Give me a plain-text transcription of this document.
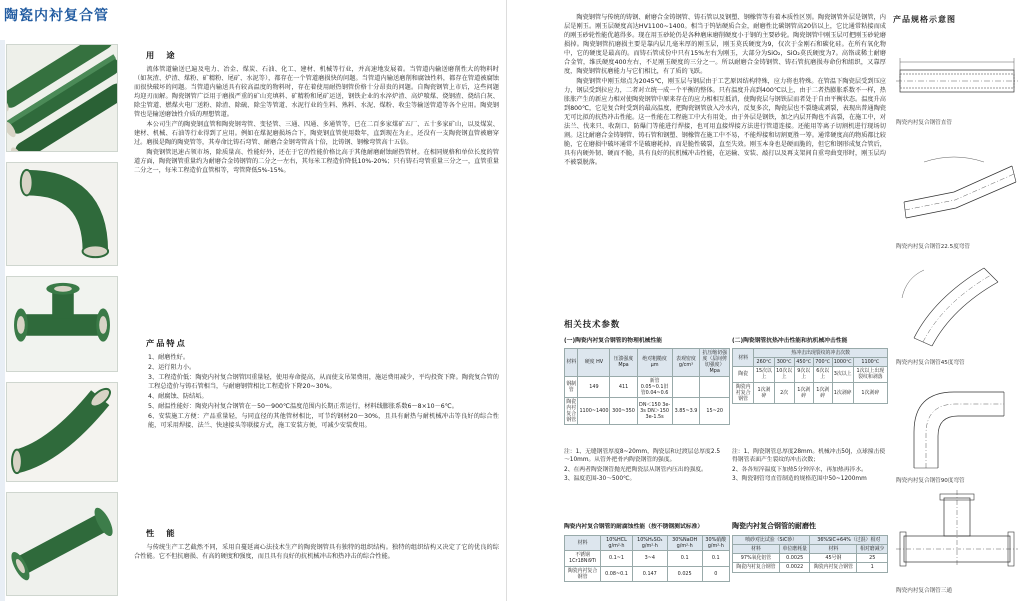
陶瓷内衬复合管
用　途

流体管道输送已遍及电力、冶金、煤炭、石油、化工、建材、机械等行业，并高速地发展着。当管道内输送磨削性大的物料时（如灰渣、炉渣、煤粉、矿精粉、尾矿、水泥等），都存在一个管道磨损快的问题。当管道内输送磨削和腐蚀性料，都存在管道被腐蚀而很快破坏的问题。当管道内输送具有较高温度的物料时，存在着使用耐热钢管价格十分昂贵的问题。自陶瓷钢管上市后，这些问题均迎刃而解。陶瓷钢管广泛用于磨损严重的矿山充填料、矿精粉和尾矿运送，钢铁企业的水淬炉渣、高炉喷煤、烧钢渣、烧结白灰、除尘管道、燃煤火电厂送粉、除渣、除硫、除尘等管道、水泥行业的生料、熟料、水泥、煤粉、收尘等输送管道等各个应用。陶瓷钢管也是输送磨蚀性介质的理想管道。

本公司生产的陶瓷钢直管和陶瓷钢弯管、变径管、三通、四通、多通管等，已在二百多家煤矿五厂、五十多家矿山，以及煤炭、建材、机械、石油等行业得到了应用。例如在煤泥磨损场合下，陶瓷钢直管使用数年，直到现在为止，还没有一支陶瓷钢直管被磨穿过。磨损是陶的陶瓷管等，其寿命比铸石弯管、耐磨合金钢弯管高十倍，比铸钢、钢橡弯管高十五倍。

陶瓷钢管迅速占领市场，除质量高、性能好外，还在于它的性能价格比高于其他耐磨耐蚀耐热管材。在相同规格和单位长度的管道方面，陶瓷钢管重量约为耐磨合金铸钢管的二分之一左右，其每米工程造价降低10%-20%；只有铸石弯管重量三分之一，直管重量二分之一，每米工程造价直管相等，弯管降低5%-15%。

产品特点

1、耐磨性好。

2、运行阻力小。

3、工程造价低：陶瓷内衬复合钢管因重量轻，使用寿命提高，从而使支吊架费用，施运费用减少，平均投资下降。陶瓷复合管的工程总造价与铸石管相当，与耐磨钢管相比工程造价下降20~30%。

4、耐腐蚀、防结垢。

5、耐温性能好：陶瓷内衬复合钢管在－50～900℃温度范围内长期正常运行，材料线膨胀系数6～8×10－6℃。

6、安装施工方便：产品重量轻，与同直径的其他管材相比，可节约钢材20～30%，且具有耐热与耐机械冲击等良好的综合性能，可采用焊接、法兰、快速接头等联接方式，施工安装方便，可减少安装费用。

性　能

与传统生产工艺截然不同，采用自蔓延离心法技术生产的陶瓷钢管具有独特的组织结构。独特的组织结构又决定了它的优良的综合性能。它不但抗磨损、有高的硬度和强度，而且具有良好的抗机械冲击和热冲击的综合性能。

陶瓷钢管与传统的铸钢、耐磨合金铸钢管、铸石管以及钢塑、钢橡管等有着本质性区别。陶瓷钢管外层是钢管，内层是刚玉。刚玉层硬度高达HV1100~1400。相当于钨钴硬质合金，耐磨性比碳钢管高20倍以上，它比通常粘接而成的刚玉砂轮性能优越得多。现在用玉砂轮仍是各种磨床磨削硬度小于钢的主要砂轮。陶瓷钢管中刚玉层可把刚玉砂轮磨损掉。陶瓷钢管抗磨损主要是靠内层几毫米厚的刚玉层，刚玉莫氏硬度为9，仅次于金刚石和碳化硅。在所有氧化物中，它的硬度是最高的。而铸石管成份中只有15%左右为刚玉，大部分为SiO₂，SiO₂莫氏硬度为7。高铬或稀土耐磨合金管，维氏硬度400左右，不足刚玉硬度的三分之一。所以耐磨合金铸钢管、铸石管抗磨损寿命份和組织，又靠厚度，陶瓷钢管抗磨能力与它们相比，有了质的飞跃。

陶瓷钢管中刚玉熔点为2045℃，刚玉层与钢层由于工艺原因结构特殊，应力将也特殊。在管温下陶瓷层受到压应力，钢层受到拉应力，二者对立统一成一个平衡的整体。只有温度升高到400℃以上，由于二者热膨胀系数不一样，热胀胀产生的新应力相对使陶瓷钢管中原来存在的应力相相互抵消，使陶瓷层与钢铁层而者处于自由平衡状态。温度升高到800℃，它是复合时受到的最高温度，把陶瓷钢管放入冷水内，反复多次，陶瓷层也不裂缝或剥裂，表现出普通陶瓷无可比拟的抗热冲击性能。这一性能在工程施工中大有用处，由于外层是钢铁，加之内层开陶也不高裂，在施工中，对法兰、伐来只、收刮口、防爆门等能进行焊接，也可用直接焊接方法进行管道连接。还能用等离子切割机进行现场切割。这比耐磨合金铸钢管、铸石管和钢塑、钢橡管在施工中不易，不能焊接和切割更胜一筹。通常硬度高的物质都比较脆，它在磨损中破坏通常不是破磨耗掉，而是脆性破裂，直至失效。刚玉本身也是硬而脆的，但它和钢形成复合管后，具有内硬外韧、硬而不脆，具有良好的抗机械冲击性能，在运输、安装、敲打以及再支架间自重弯曲变形时，刚玉层均不被裂脱落。

相关技术参数
(一)陶瓷内衬复合钢管的物理机械性能
材料	硬度 HV	压溃强度 Mpa	绝对粗糙度 μm	表观密度 g/cm³	抗压缩切强度（层间剪切强度）Mpa
钢制管	149	411	新管0.05~0.1旧管0.04~0.6		
陶瓷内衬复合钢管	1100~1400	300~350	DN＜150 3e-3s DN＞150 3e-1.5s	3.85~3.9	15~20
(二)陶瓷钢管抗热冲击性能和抗机械冲击性能
材料	热冲击出现裂纹的冲击次数					
	260℃	300℃	450℃	700℃	1000℃	1100℃
陶瓷	15次以上	10次以上	9次以上	6次以上	3次以上	1次以上出现裂纹和剥落
陶瓷内衬复合钢管	1次剥碎	2次	1次剥碎	1次剥碎	1次剥碎	1次剥碎
注：1、无缝钢管厚度8~20mm，陶瓷层和过渡层总厚度2.5～10mm。从管外把骨内陶瓷钢管的强度。
2、在两者陶瓷钢管抛光把陶瓷层从钢管内压出的强度。
3、温度范围-30～500℃。
注：1、陶瓷钢管总厚度28mm。机械冲击50J，点球撞击使得钢管表面产生裂纹的冲击次数；
2、各各短淬温度下加热5分钟淬水，再加热再淬水。
3、陶瓷钢管弯直管制造的规格范围中50~1200mm
陶瓷内衬复合钢管的耐腐蚀性能（按不锈钢测试标准）
材料	10%HCL g/m²·h	10%H₂SO₄ g/m²·h	30%NaOH g/m²·h	30%硝酸 g/m²·h
不锈钢 1Cr18Ni9Ti	0.1~1	3~4	0.1	0.1
陶瓷内衬复合钢管	0.08~0.1	0.147	0.025	0
陶瓷内衬复合钢管的耐磨性
喷砂对比试验（SiC砂）		36%SiC+64%（过混）相对	
材料	单位磨耗量	材料	相对磨减少
97%氧化铝管	0.0025	45号钢	25
陶瓷内衬复合钢管	0.0022	陶瓷内衬复合钢管	1
产品规格示意图
陶瓷内衬复合钢管直管
陶瓷内衬复合钢管22.5度弯管
陶瓷内衬复合钢管45度弯管
陶瓷内衬复合钢管90度弯管
陶瓷内衬复合钢管三通
